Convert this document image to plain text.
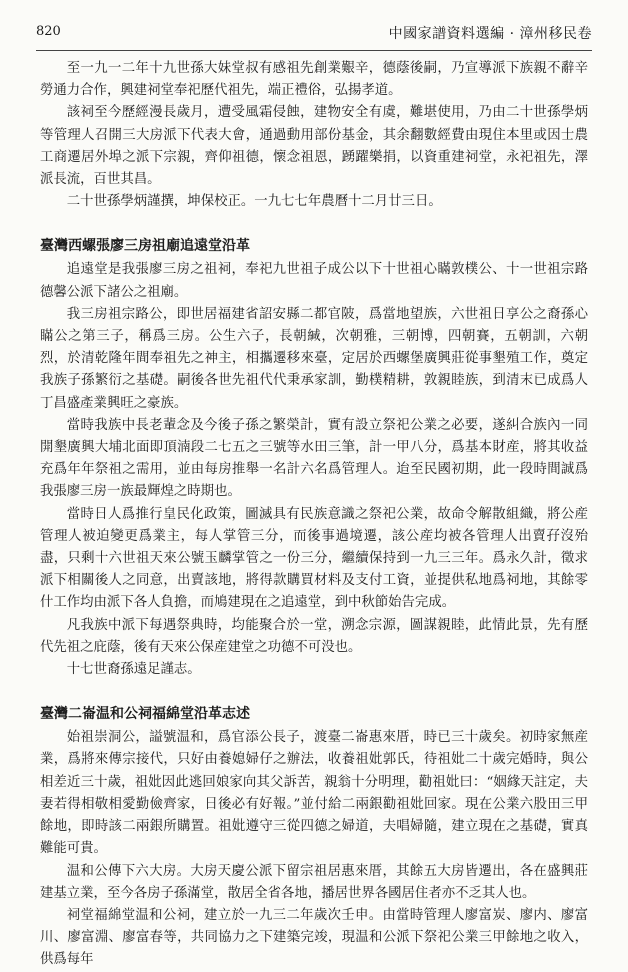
820	中國家譜資料選編 · 漳州移民卷

至一九一二年十九世孫大妹堂叔有感祖先創業艱辛，德蔭後嗣，乃宣導派下族親不辭辛勞通力合作，興建祠堂奉祀歷代祖先，端正禮俗，弘揚孝道。

該祠至今歷經漫長歲月，遭受風霜侵蝕，建物安全有虞，難堪使用，乃由二十世孫學炳等管理人召開三大房派下代表大會，通過動用部份基金，其余翻數經費由現住本里或因士農工商遷居外埠之派下宗親，齊仰祖德，懷念祖恩，踴躍樂捐，以資重建祠堂，永祀祖先，澤派長流，百世其昌。

二十世孫學炳謹撰，坤保校正。一九七七年農曆十二月廿三日。

臺灣西螺張廖三房祖廟追遠堂沿革

追遠堂是我張廖三房之祖祠，奉祀九世祖子成公以下十世祖心瞞敦樸公、十一世祖宗路德馨公派下諸公之祖廟。

我三房祖宗路公，即世居福建省詔安縣二都官陂，爲當地望族，六世祖日享公之裔孫心瞞公之第三子，稱爲三房。公生六子，長朝緘，次朝雅，三朝博，四朝賽，五朝訓，六朝烈，於清乾隆年間奉祖先之神主，相攜遷移來臺，定居於西螺堡廣興莊從事墾殖工作，奠定我族子孫繁衍之基礎。嗣後各世先祖代代秉承家訓，勤樸精耕，敦親睦族，到清末已成爲人丁昌盛產業興旺之豪族。

當時我族中長老輩念及今後子孫之繁榮計，實有設立祭祀公業之必要，遂糾合族內一同開墾廣興大埔北面即頂湳段二七五之三號等水田三筆，計一甲八分，爲基本財産，將其收益充爲年年祭祖之需用，並由每房推舉一名計六名爲管理人。迨至民國初期，此一段時間誠爲我張廖三房一族最輝煌之時期也。

當時日人爲推行皇民化政策，圖滅具有民族意識之祭祀公業，故命令解散組織，將公産管理人被迫變更爲業主，每人掌管三分，而後事過境遷，該公産均被各管理人出賣孖沒殆盡，只剩十六世祖天來公號玉麟掌管之一份三分，繼續保持到一九三三年。爲永久計，徵求派下相關後人之同意，出賣該地，將得款購買材料及支付工資，並提供私地爲祠地，其餘零什工作均由派下各人負擔，而鳩建現在之追遠堂，到中秋節始告完成。

凡我族中派下每遇祭典時，均能聚合於一堂，溯念宗源，圖謀親睦，此情此景，先有歷代先祖之庇蔭，後有天來公保産建堂之功德不可没也。

十七世裔孫遠足謹志。

臺灣二崙温和公祠福綿堂沿革志述

始祖崇洞公，謚號温和，爲官添公長子，渡臺二崙惠來厝，時已三十歲矣。初時家無産業，爲將來傳宗接代，只好由養媳婦仔之辦法，收養祖妣郭氏，待祖妣二十歲完婚時，與公相差近三十歲，祖妣因此逃回娘家向其父訴苦，親翁十分明理，勸祖妣曰：“姻緣天註定，夫妻若得相敬相愛勤儉齊家，日後必有好報。”並付給二兩銀勸祖妣回家。現在公業六股田三甲餘地，即時該二兩銀所購置。祖妣遵守三從四德之婦道，夫唱婦隨，建立現在之基礎，實真難能可貴。

温和公傳下六大房。大房天慶公派下留宗祖居惠來厝，其餘五大房皆遷出，各在盛興莊建基立業，至今各房子孫滿堂，散居全省各地，播居世界各國居住者亦不乏其人也。

祠堂福綿堂温和公祠，建立於一九三二年歲次壬申。由當時管理人廖富炭、廖内、廖富川、廖富淵、廖富春等，共同協力之下建築完竣，現温和公派下祭祀公業三甲餘地之收入，供爲每年
